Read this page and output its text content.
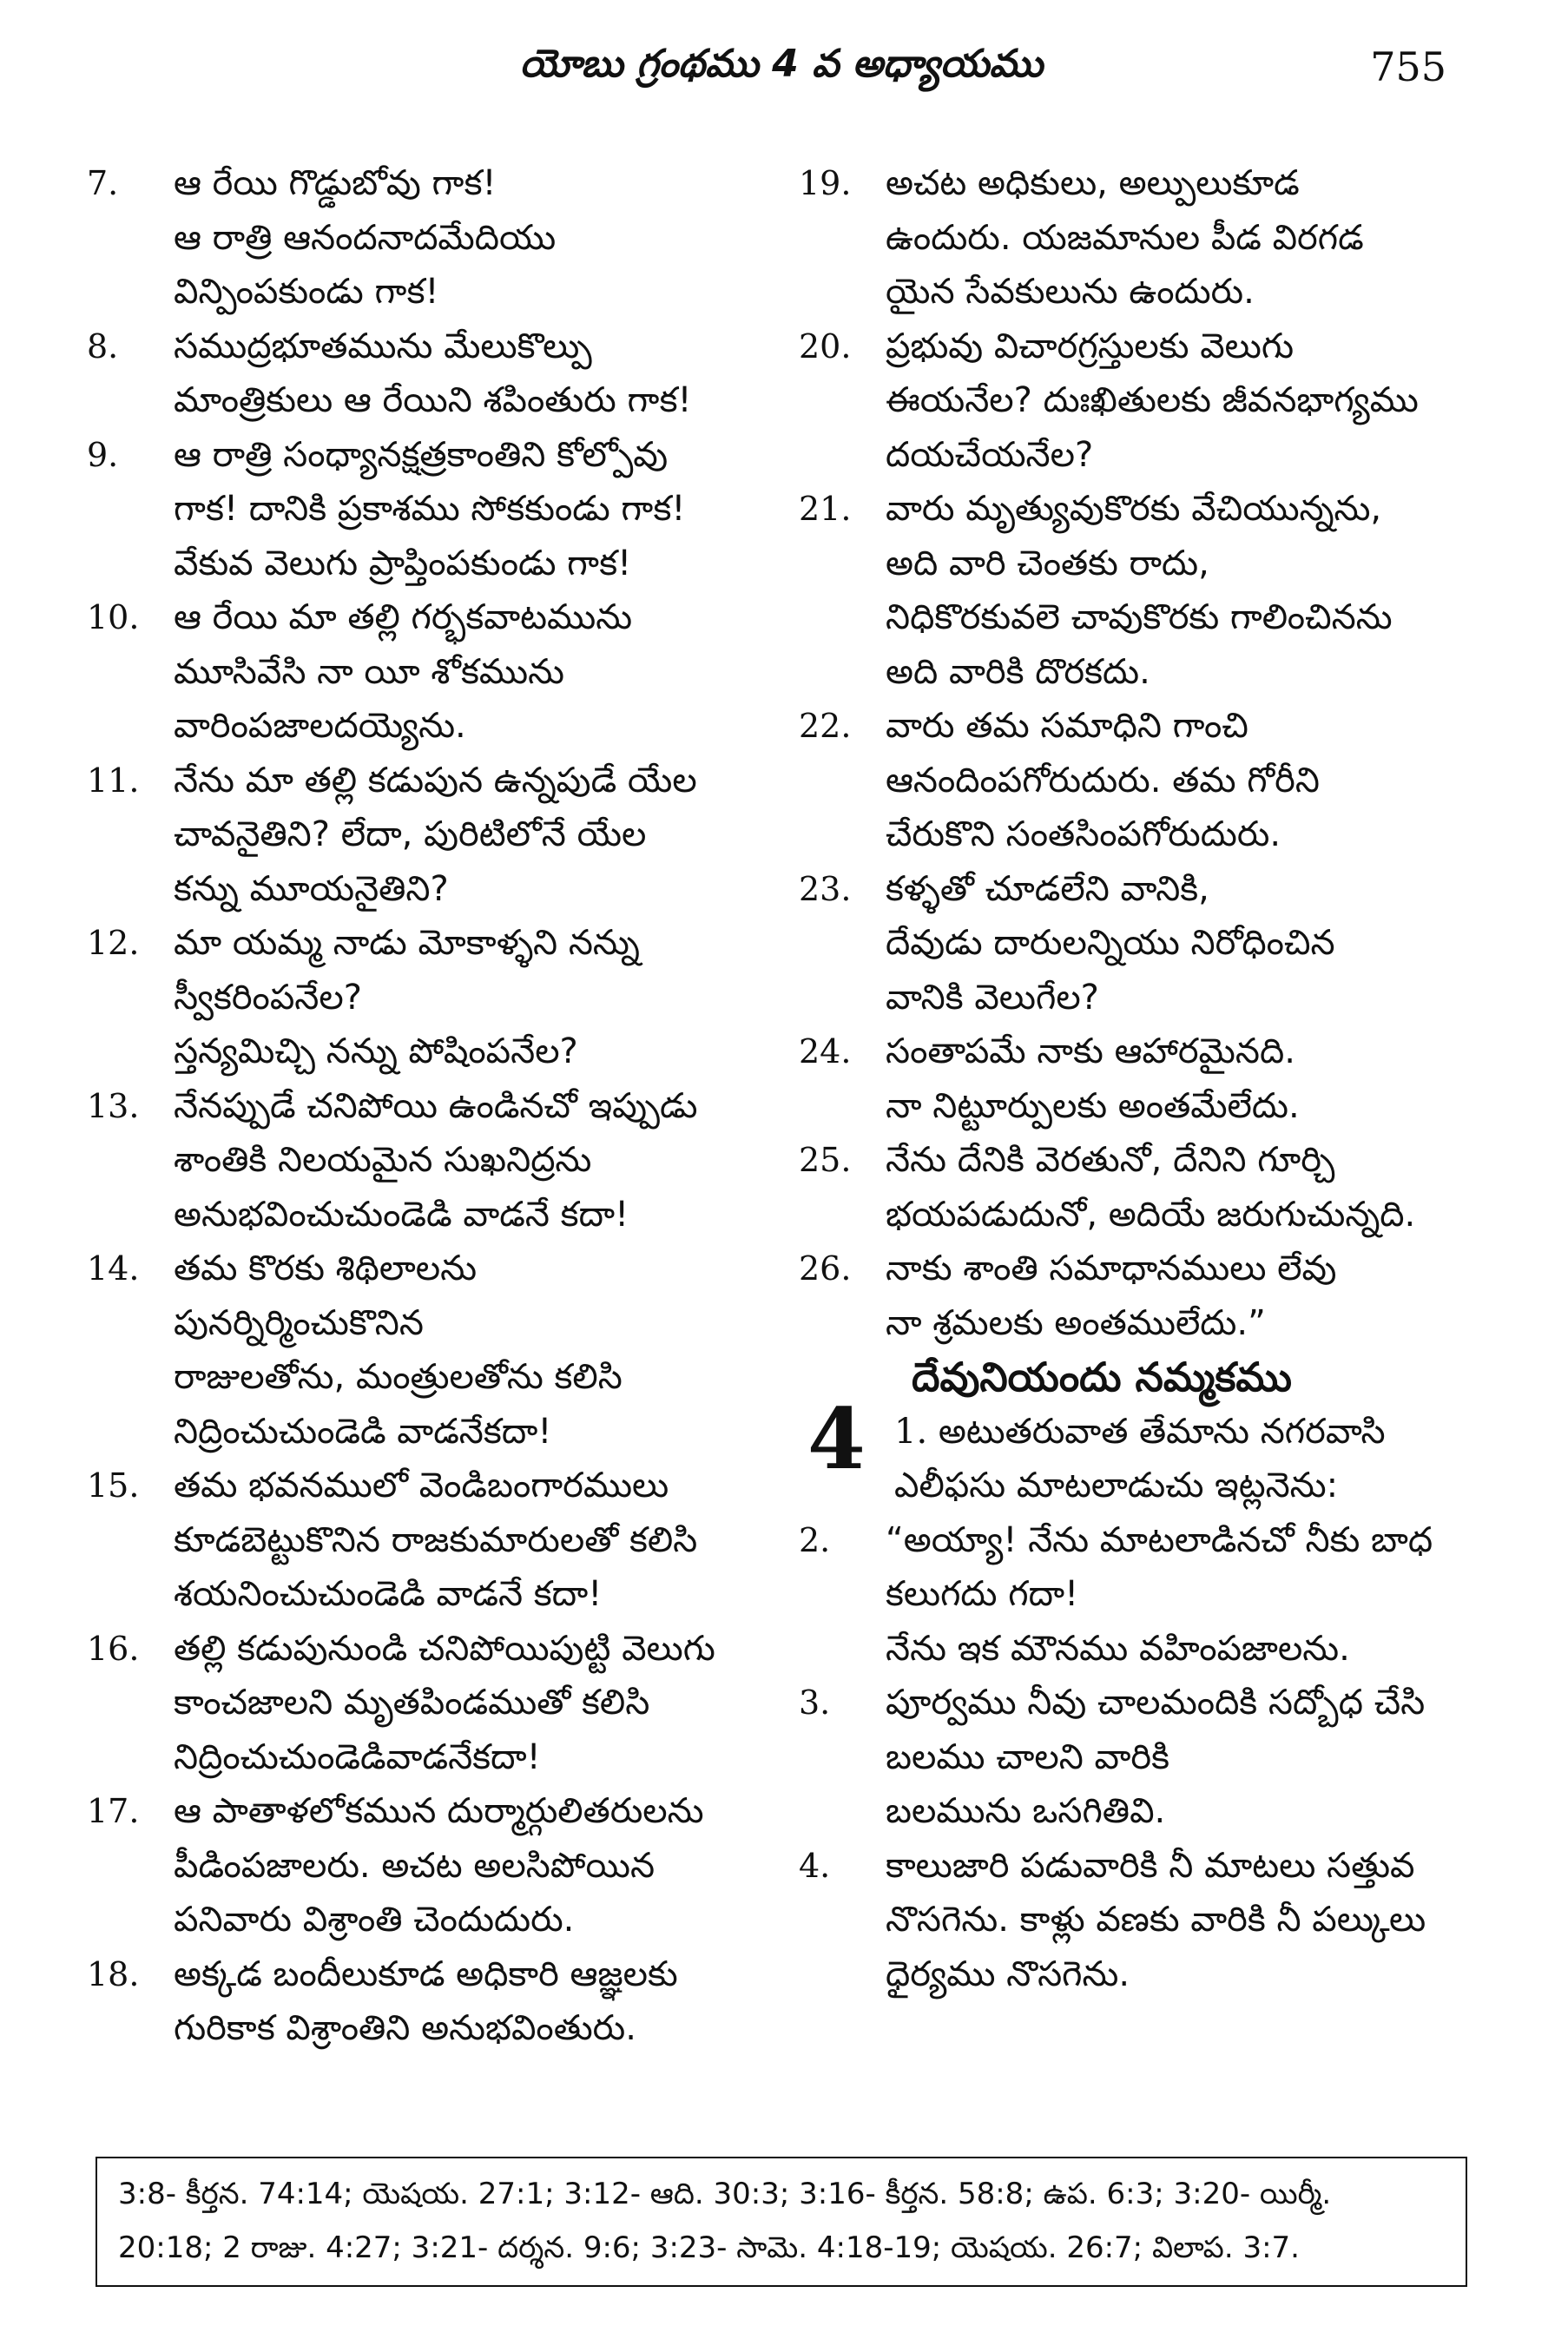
యోబు గ్రంథము 4 వ అధ్యాయము	755
7.	ఆ రేయి గొడ్డుబోవు గాక!
ఆ రాత్రి ఆనందనాదమేదియు
విన్పింపకుండు గాక!
8.	సముద్రభూతమును మేలుకొల్పు
మాంత్రికులు ఆ రేయిని శపింతురు గాక!
9.	ఆ రాత్రి సంధ్యానక్షత్రకాంతిని కోల్పోవు
గాక! దానికి ప్రకాశము సోకకుండు గాక!
వేకువ వెలుగు ప్రాప్తింపకుండు గాక!
10. ఆ రేయి మా తల్లి గర్భకవాటమును
మూసివేసి నా యీ శోకమును
వారింపజాలదయ్యెను.
11. నేను మా తల్లి కడుపున ఉన్నపుడే యేల
చావనైతిని? లేదా, పురిటిలోనే యేల
కన్ను మూయనైతిని?
12. మా యమ్మ నాడు మోకాళ్ళని నన్ను
స్వీకరింపనేల?
స్తన్యమిచ్చి నన్ను పోషింపనేల?
13. నేనప్పుడే చనిపోయి ఉండినచో ఇప్పుడు
శాంతికి నిలయమైన సుఖనిద్రను
అనుభవించుచుండెడి వాడనే కదా!
14. తమ కొరకు శిథిలాలను
పునర్నిర్మించుకొనిన
రాజులతోను, మంత్రులతోను కలిసి
నిద్రించుచుండెడి వాడనేకదా!
15. తమ భవనములో వెండిబంగారములు
కూడబెట్టుకొనిన రాజకుమారులతో కలిసి
శయనించుచుండెడి వాడనే కదా!
16. తల్లి కడుపునుండి చనిపోయిపుట్టి వెలుగు
కాంచజాలని మృతపిండముతో కలిసి
నిద్రించుచుండెడివాడనేకదా!
17. ఆ పాతాళలోకమున దుర్మార్గులితరులను
పీడింపజాలరు. అచట అలసిపోయిన
పనివారు విశ్రాంతి చెందుదురు.
18. అక్కడ బందీలుకూడ అధికారి ఆజ్ఞలకు
గురికాక విశ్రాంతిని అనుభవింతురు.
19. అచట అధికులు, అల్పులుకూడ
ఉందురు. యజమానుల పీడ విరగడ
యైన సేవకులును ఉందురు.
20. ప్రభువు విచారగ్రస్తులకు వెలుగు
ఈయనేల? దుఃఖితులకు జీవనభాగ్యము
దయచేయనేల?
21. వారు మృత్యువుకొరకు వేచియున్నను,
అది వారి చెంతకు రాదు,
నిధికొరకువలె చావుకొరకు గాలించినను
అది వారికి దొరకదు.
22. వారు తమ సమాధిని గాంచి
ఆనందింపగోరుదురు. తమ గోరీని
చేరుకొని సంతసింపగోరుదురు.
23. కళ్ళతో చూడలేని వానికి,
దేవుడు దారులన్నియు నిరోధించిన
వానికి వెలుగేల?
24. సంతాపమే నాకు ఆహారమైనది.
నా నిట్టూర్పులకు అంతమేలేదు.
25. నేను దేనికి వెరతునో, దేనిని గూర్చి
భయపడుదునో, అదియే జరుగుచున్నది.
26. నాకు శాంతి సమాధానములు లేవు
నా శ్రమలకు అంతములేదు.”
దేవునియందు నమ్మకము
4 1. అటుతరువాత తేమాను నగరవాసి
ఎలీఫసు మాటలాడుచు ఇట్లనెను:
2.	“అయ్యా! నేను మాటలాడినచో నీకు బాధ
కలుగదు గదా!
నేను ఇక మౌనము వహింపజాలను.
3.	పూర్వము నీవు చాలమందికి సద్బోధ చేసి
బలము చాలని వారికి
బలమును ఒసగితివి.
4.	కాలుజారి పడువారికి నీ మాటలు సత్తువ
నొసగెను. కాళ్లు వణకు వారికి నీ పల్కులు
ధైర్యము నొసగెను.
3:8- కీర్తన. 74:14; యెషయ. 27:1; 3:12- ఆది. 30:3; 3:16- కీర్తన. 58:8; ఉప. 6:3; 3:20- యిర్మీ.
20:18; 2 రాజు. 4:27; 3:21- దర్శన. 9:6; 3:23- సామె. 4:18-19; యెషయ. 26:7; విలాప. 3:7.
